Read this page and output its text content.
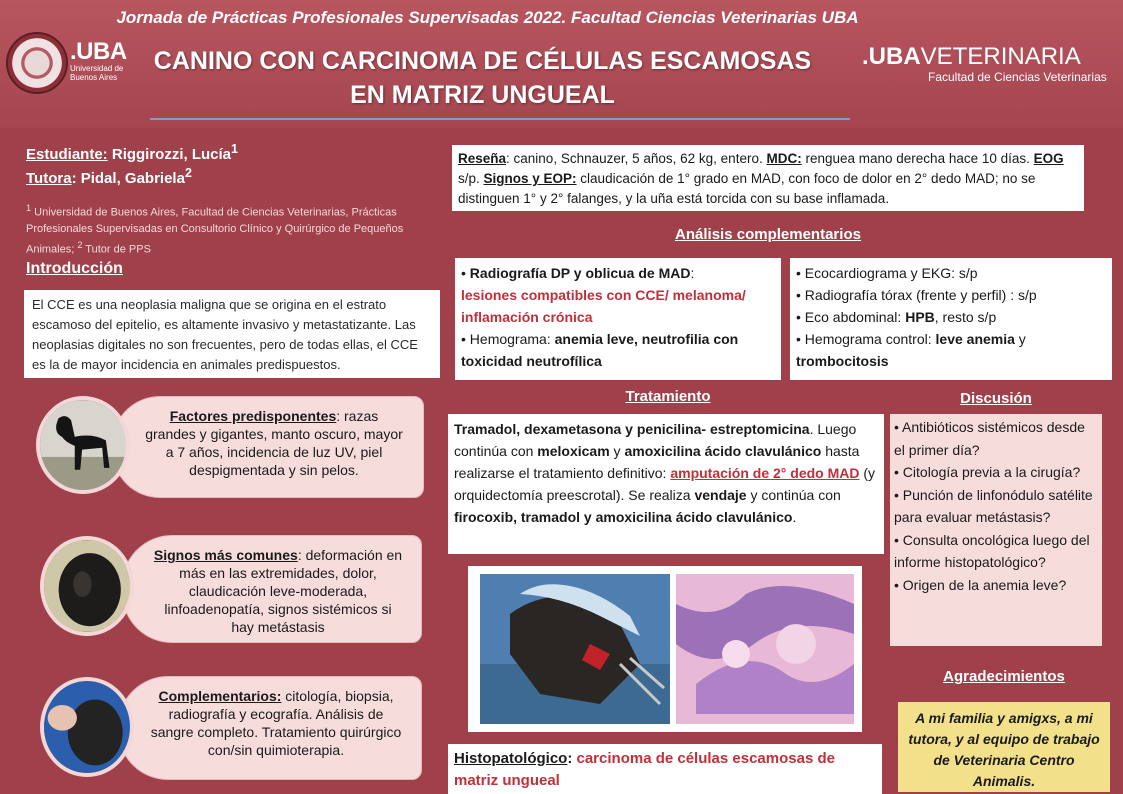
Jornada de Prácticas Profesionales Supervisadas 2022. Facultad Ciencias Veterinarias UBA
.UBA
Universidad de
Buenos Aires
CANINO CON CARCINOMA DE CÉLULAS ESCAMOSAS
EN MATRIZ UNGUEAL
.UBAVETERINARIA
Facultad de Ciencias Veterinarias
Estudiante: Riggirozzi, Lucía$^1$
Tutora: Pidal, Gabriela$^2$
$^1$ Universidad de Buenos Aires, Facultad de Ciencias Veterinarias, Prácticas Profesionales Supervisadas en Consultorio Clínico y Quirúrgico de Pequeños Animales; $^2$ Tutor de PPS
Introducción
El CCE es una neoplasia maligna que se origina en el estrato escamoso del epitelio, es altamente invasivo y metastatizante. Las neoplasias digitales no son frecuentes, pero de todas ellas, el CCE es la de mayor incidencia en animales predispuestos.
Factores predisponentes: razas grandes y gigantes, manto oscuro, mayor a 7 años, incidencia de luz UV, piel despigmentada y sin pelos.
Signos más comunes: deformación en más en las extremidades, dolor, claudicación leve-moderada, linfoadenopatía, signos sistémicos si hay metástasis
Complementarios: citología, biopsia, radiografía y ecografía. Análisis de sangre completo. Tratamiento quirúrgico con/sin quimioterapia.
Reseña: canino, Schnauzer, 5 años, 62 kg, entero. MDC: renguea mano derecha hace 10 días. EOG s/p. Signos y EOP: claudicación de 1° grado en MAD, con foco de dolor en 2° dedo MAD; no se distinguen 1° y 2° falanges, y la uña está torcida con su base inflamada.
Análisis complementarios
• Radiografía DP y oblicua de MAD:
lesiones compatibles con CCE/ melanoma/ inflamación crónica
• Hemograma: anemia leve, neutrofilia con toxicidad neutrofílica
• Ecocardiograma y EKG: s/p
• Radiografía tórax (frente y perfil) : s/p
• Eco abdominal: HPB, resto s/p
• Hemograma control: leve anemia y trombocitosis
Tratamiento
Tramadol, dexametasona y penicilina- estreptomicina. Luego continúa con meloxicam y amoxicilina ácido clavulánico hasta realizarse el tratamiento definitivo: amputación de 2° dedo MAD (y orquidectomía preescrotal). Se realiza vendaje y continúa con firocoxib, tramadol y amoxicilina ácido clavulánico.
Histopatológico: carcinoma de células escamosas de matriz ungueal
Discusión
• Antibióticos sistémicos desde el primer día?
• Citología previa a la cirugía?
• Punción de linfonódulo satélite para evaluar metástasis?
• Consulta oncológica luego del informe histopatológico?
• Origen de la anemia leve?
Agradecimientos
A mi familia y amigxs, a mi tutora, y al equipo de trabajo de Veterinaria Centro Animalis.
